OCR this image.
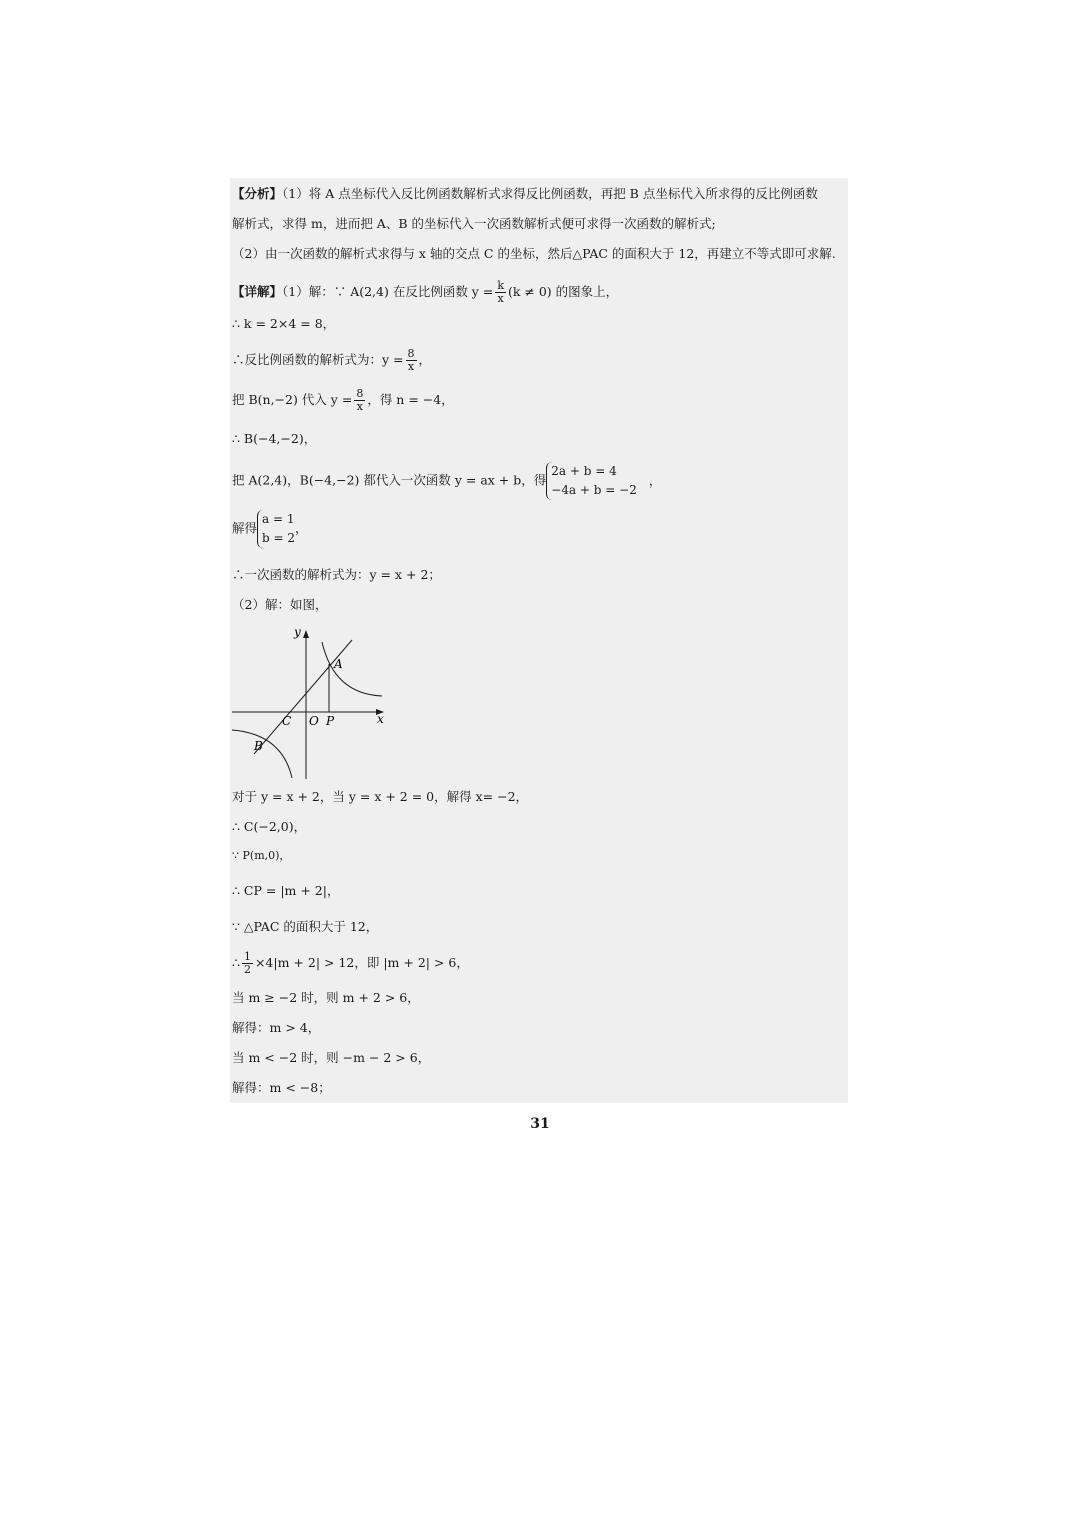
【分析】（1）将 A 点坐标代入反比例函数解析式求得反比例函数，再把 B 点坐标代入所求得的反比例函数
解析式，求得 m，进而把 A、B 的坐标代入一次函数解析式便可求得一次函数的解析式;
（2）由一次函数的解析式求得与 x 轴的交点 C 的坐标，然后△PAC 的面积大于 12，再建立不等式即可求解.
【详解】（1）解：∵ A(2,4) 在反比例函数 $y = \frac{k}{x} (k \ne 0)$ 的图象上，
∴ k = 2×4 = 8，
∴反比例函数的解析式为：$y = \frac{8}{x}$ ，
把 B(n,−2) 代入 $y = \frac{8}{x}$ ，得 n = −4，
∴ B(−4,−2)，
把 A(2,4)，B(−4,−2) 都代入一次函数 y = ax + b，得
2a + b = 4
−4a + b = −2
，
解得
a = 1
b = 2
，
∴一次函数的解析式为：y = x + 2；
（2）解：如图，
y
x
A
B
C O P
对于 y = x + 2，当 y = x + 2 = 0，解得 x= −2，
∴ C(−2,0)，
∵ P(m,0)，
∴ CP = |m + 2|，
∵ △PAC 的面积大于 12，
∴ $\frac{1}{2} \times 4|m + 2| > 12$，即 |m + 2| > 6，
当 m ≥ −2 时，则 m + 2 > 6，
解得：m > 4，
当 m < −2 时，则 −m − 2 > 6，
解得：m < −8；
31
